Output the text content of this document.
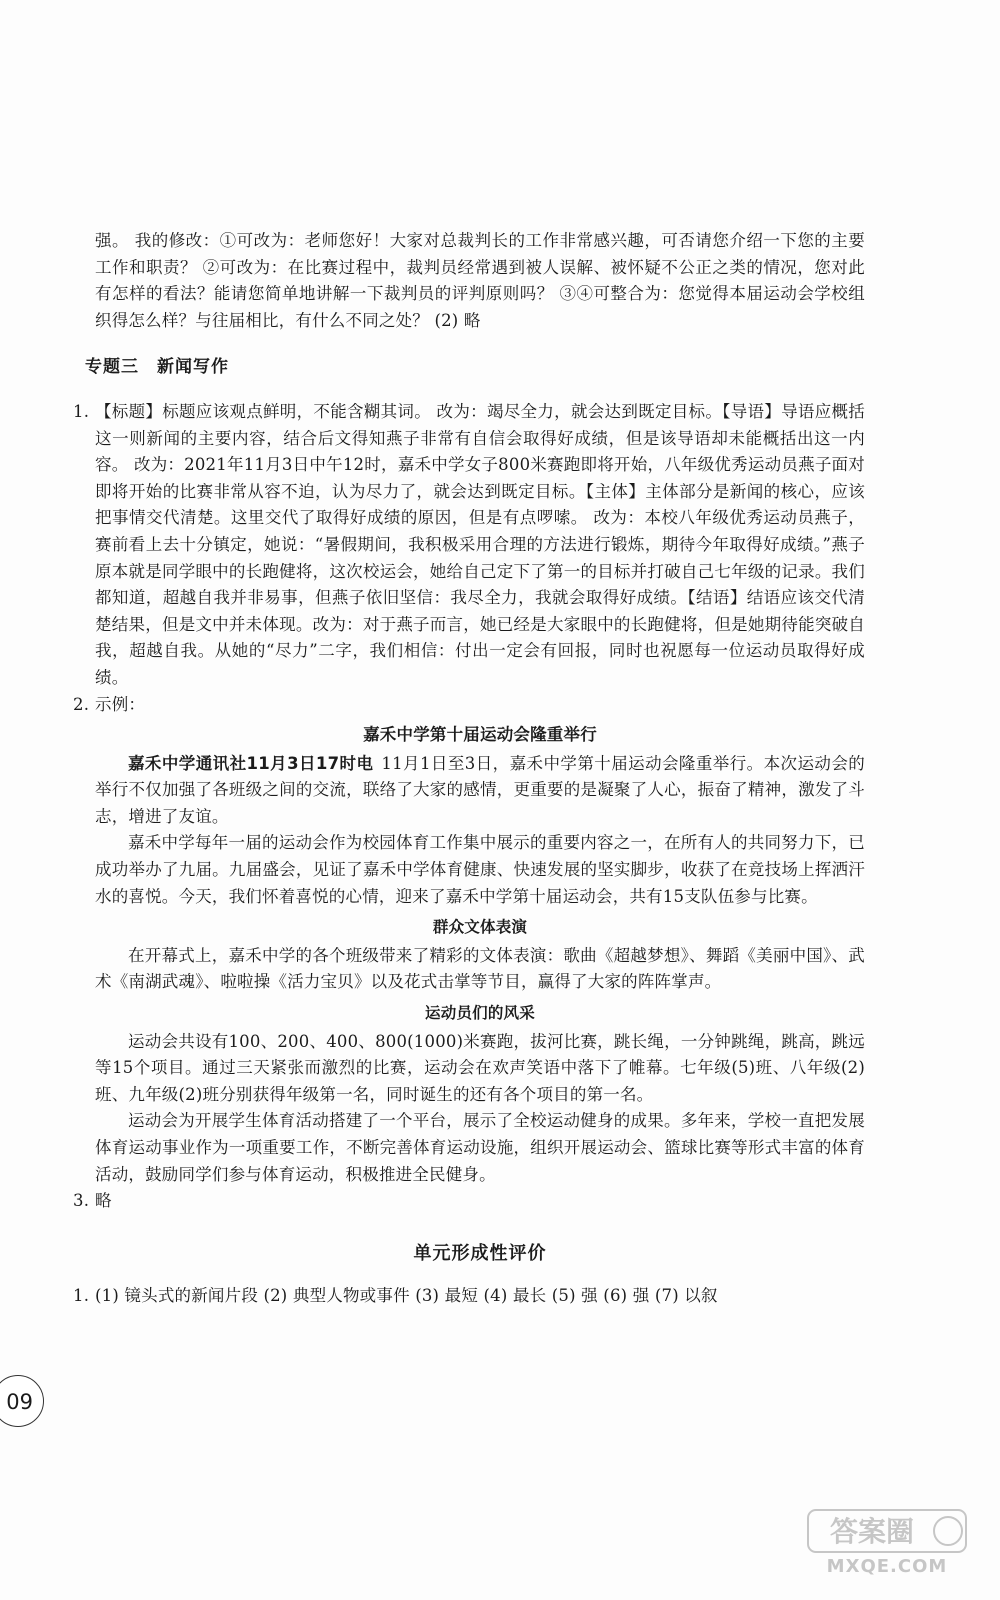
强。 我的修改：①可改为：老师您好！大家对总裁判长的工作非常感兴趣，可否请您介绍一下您的主要工作和职责？ ②可改为：在比赛过程中，裁判员经常遇到被人误解、被怀疑不公正之类的情况，您对此有怎样的看法？能请您简单地讲解一下裁判员的评判原则吗？ ③④可整合为：您觉得本届运动会学校组织得怎么样？与往届相比，有什么不同之处？ (2) 略

专题三 新闻写作
1. 【标题】标题应该观点鲜明，不能含糊其词。 改为：竭尽全力，就会达到既定目标。【导语】导语应概括这一则新闻的主要内容，结合后文得知燕子非常有自信会取得好成绩，但是该导语却未能概括出这一内容。 改为：2021年11月3日中午12时，嘉禾中学女子800米赛跑即将开始，八年级优秀运动员燕子面对即将开始的比赛非常从容不迫，认为尽力了，就会达到既定目标。【主体】主体部分是新闻的核心，应该把事情交代清楚。这里交代了取得好成绩的原因，但是有点啰嗦。 改为：本校八年级优秀运动员燕子，赛前看上去十分镇定，她说：“暑假期间，我积极采用合理的方法进行锻炼，期待今年取得好成绩。”燕子原本就是同学眼中的长跑健将，这次校运会，她给自己定下了第一的目标并打破自己七年级的记录。我们都知道，超越自我并非易事，但燕子依旧坚信：我尽全力，我就会取得好成绩。【结语】结语应该交代清楚结果，但是文中并未体现。改为：对于燕子而言，她已经是大家眼中的长跑健将，但是她期待能突破自我，超越自我。从她的“尽力”二字，我们相信：付出一定会有回报，同时也祝愿每一位运动员取得好成绩。

2. 示例：

嘉禾中学第十届运动会隆重举行

嘉禾中学通讯社11月3日17时电 11月1日至3日，嘉禾中学第十届运动会隆重举行。本次运动会的举行不仅加强了各班级之间的交流，联络了大家的感情，更重要的是凝聚了人心，振奋了精神，激发了斗志，增进了友谊。

嘉禾中学每年一届的运动会作为校园体育工作集中展示的重要内容之一，在所有人的共同努力下，已成功举办了九届。九届盛会，见证了嘉禾中学体育健康、快速发展的坚实脚步，收获了在竞技场上挥洒汗水的喜悦。今天，我们怀着喜悦的心情，迎来了嘉禾中学第十届运动会，共有15支队伍参与比赛。

群众文体表演

在开幕式上，嘉禾中学的各个班级带来了精彩的文体表演：歌曲《超越梦想》、舞蹈《美丽中国》、武术《南湖武魂》、啦啦操《活力宝贝》以及花式击掌等节目，赢得了大家的阵阵掌声。

运动员们的风采

运动会共设有100、200、400、800(1000)米赛跑，拔河比赛，跳长绳，一分钟跳绳，跳高，跳远等15个项目。通过三天紧张而激烈的比赛，运动会在欢声笑语中落下了帷幕。七年级(5)班、八年级(2)班、九年级(2)班分别获得年级第一名，同时诞生的还有各个项目的第一名。

运动会为开展学生体育活动搭建了一个平台，展示了全校运动健身的成果。多年来，学校一直把发展体育运动事业作为一项重要工作，不断完善体育运动设施，组织开展运动会、篮球比赛等形式丰富的体育活动，鼓励同学们参与体育运动，积极推进全民健身。

3. 略

单元形成性评价
1. (1) 镜头式的新闻片段 (2) 典型人物或事件 (3) 最短 (4) 最长 (5) 强 (6) 强 (7) 以叙

09
答案圈
MXQE.COM
